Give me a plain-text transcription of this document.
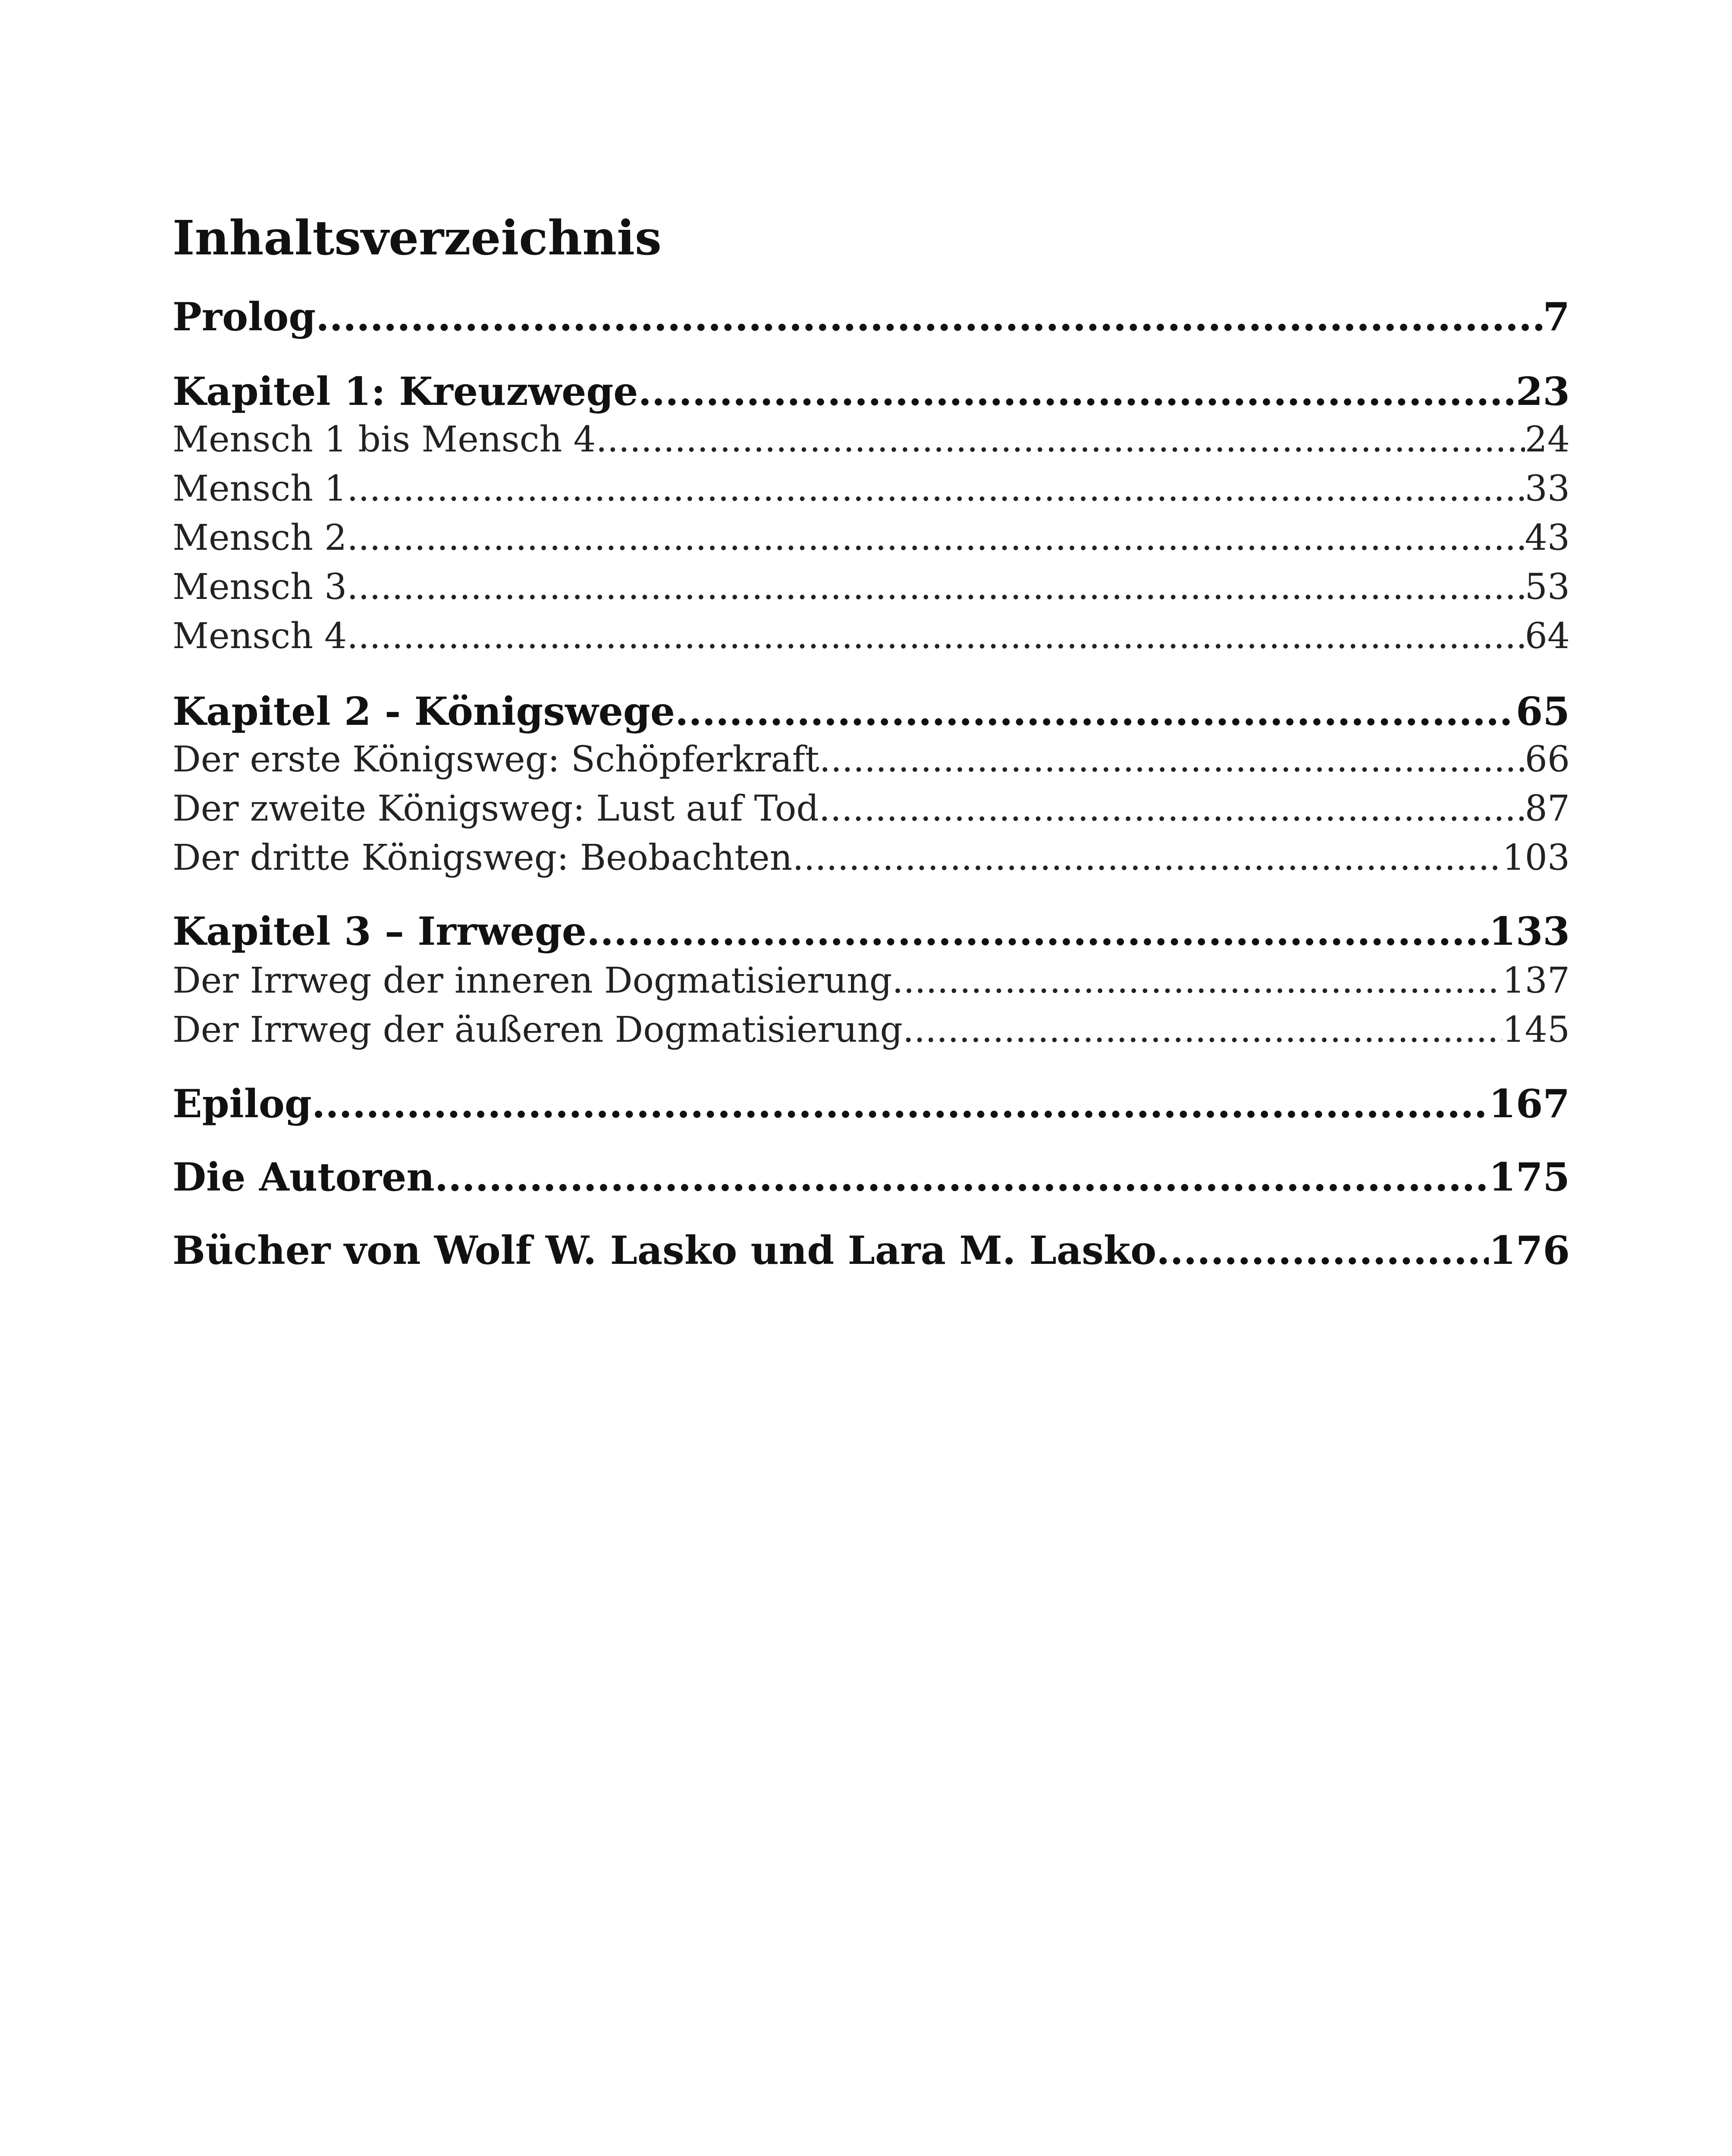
Inhaltsverzeichnis
Prolog .....	7
Kapitel 1: Kreuzwege .....	23
Mensch 1 bis Mensch 4 .....	24
Mensch 1 .....	33
Mensch 2 .....	43
Mensch 3 .....	53
Mensch 4 .....	64
Kapitel 2 - Königswege .....	65
Der erste Königsweg: Schöpferkraft .....	66
Der zweite Königsweg: Lust auf Tod .....	87
Der dritte Königsweg: Beobachten .....	103
Kapitel 3 – Irrwege .....	133
Der Irrweg der inneren Dogmatisierung .....	137
Der Irrweg der äußeren Dogmatisierung .....	145
Epilog .....	167
Die Autoren .....	175
Bücher von Wolf W. Lasko und Lara M. Lasko .....	176
